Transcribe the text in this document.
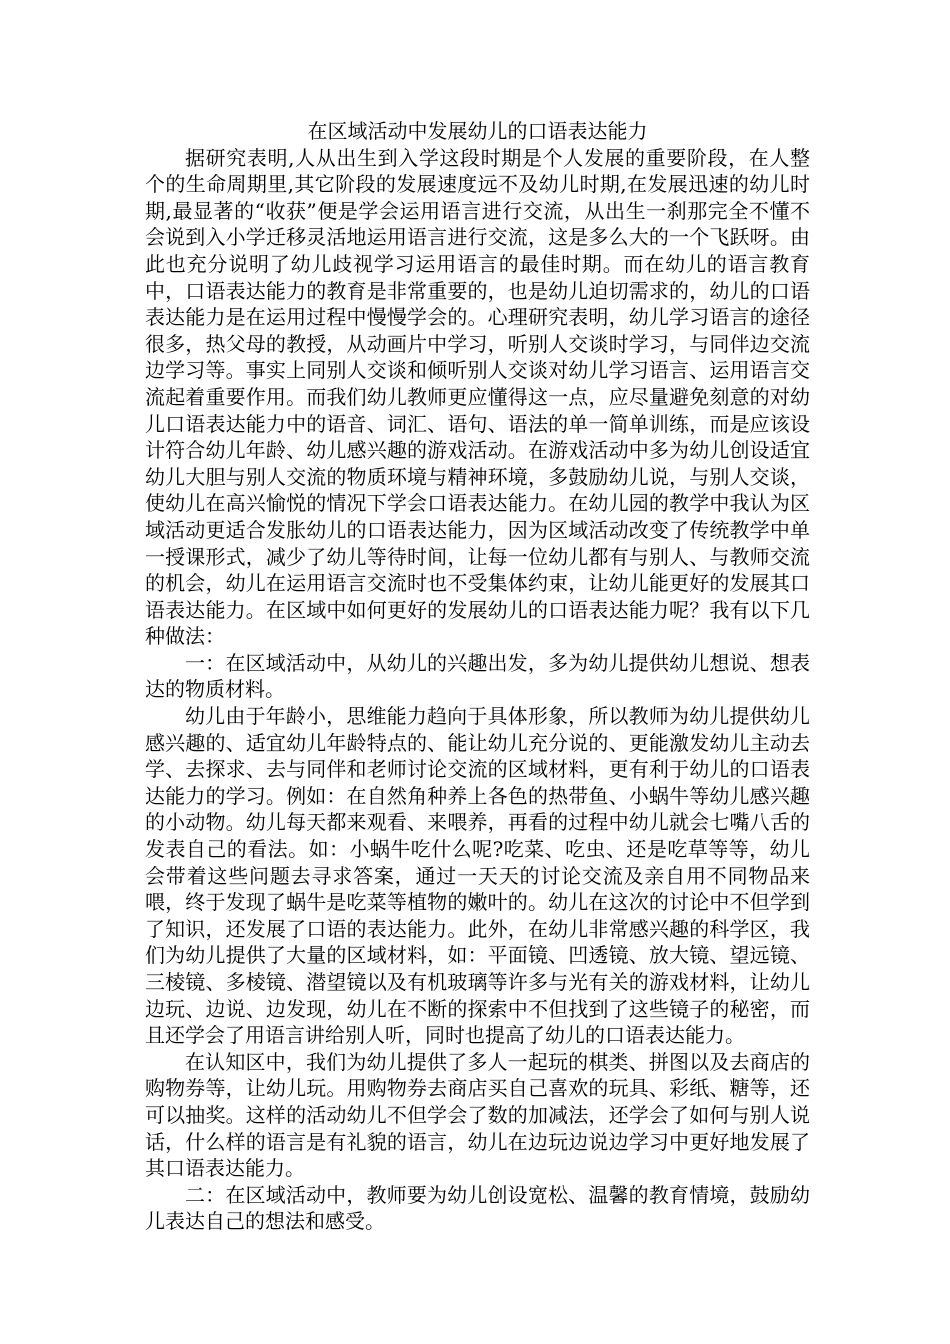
在区域活动中发展幼儿的口语表达能力

据研究表明,人从出生到入学这段时期是个人发展的重要阶段，在人整个的生命周期里,其它阶段的发展速度远不及幼儿时期,在发展迅速的幼儿时期,最显著的“收获”便是学会运用语言进行交流，从出生一刹那完全不懂不会说到入小学迁移灵活地运用语言进行交流，这是多么大的一个飞跃呀。由此也充分说明了幼儿歧视学习运用语言的最佳时期。而在幼儿的语言教育中，口语表达能力的教育是非常重要的，也是幼儿迫切需求的，幼儿的口语表达能力是在运用过程中慢慢学会的。心理研究表明，幼儿学习语言的途径很多，热父母的教授，从动画片中学习，听别人交谈时学习，与同伴边交流边学习等。事实上同别人交谈和倾听别人交谈对幼儿学习语言、运用语言交流起着重要作用。而我们幼儿教师更应懂得这一点，应尽量避免刻意的对幼儿口语表达能力中的语音、词汇、语句、语法的单一简单训练，而是应该设计符合幼儿年龄、幼儿感兴趣的游戏活动。在游戏活动中多为幼儿创设适宜幼儿大胆与别人交流的物质环境与精神环境，多鼓励幼儿说，与别人交谈，使幼儿在高兴愉悦的情况下学会口语表达能力。在幼儿园的教学中我认为区域活动更适合发胀幼儿的口语表达能力，因为区域活动改变了传统教学中单一授课形式，减少了幼儿等待时间，让每一位幼儿都有与别人、与教师交流的机会，幼儿在运用语言交流时也不受集体约束，让幼儿能更好的发展其口语表达能力。在区域中如何更好的发展幼儿的口语表达能力呢？我有以下几种做法：

一：在区域活动中，从幼儿的兴趣出发，多为幼儿提供幼儿想说、想表达的物质材料。

幼儿由于年龄小，思维能力趋向于具体形象，所以教师为幼儿提供幼儿感兴趣的、适宜幼儿年龄特点的、能让幼儿充分说的、更能激发幼儿主动去学、去探求、去与同伴和老师讨论交流的区域材料，更有利于幼儿的口语表达能力的学习。例如：在自然角种养上各色的热带鱼、小蜗牛等幼儿感兴趣的小动物。幼儿每天都来观看、来喂养，再看的过程中幼儿就会七嘴八舌的发表自己的看法。如：小蜗牛吃什么呢?吃菜、吃虫、还是吃草等等，幼儿会带着这些问题去寻求答案，通过一天天的讨论交流及亲自用不同物品来喂，终于发现了蜗牛是吃菜等植物的嫩叶的。幼儿在这次的讨论中不但学到了知识，还发展了口语的表达能力。此外，在幼儿非常感兴趣的科学区，我们为幼儿提供了大量的区域材料，如：平面镜、凹透镜、放大镜、望远镜、三棱镜、多棱镜、潜望镜以及有机玻璃等许多与光有关的游戏材料，让幼儿边玩、边说、边发现，幼儿在不断的探索中不但找到了这些镜子的秘密，而且还学会了用语言讲给别人听，同时也提高了幼儿的口语表达能力。

在认知区中，我们为幼儿提供了多人一起玩的棋类、拼图以及去商店的购物券等，让幼儿玩。用购物券去商店买自己喜欢的玩具、彩纸、糖等，还可以抽奖。这样的活动幼儿不但学会了数的加减法，还学会了如何与别人说话，什么样的语言是有礼貌的语言，幼儿在边玩边说边学习中更好地发展了其口语表达能力。

二：在区域活动中，教师要为幼儿创设宽松、温馨的教育情境，鼓励幼儿表达自己的想法和感受。
